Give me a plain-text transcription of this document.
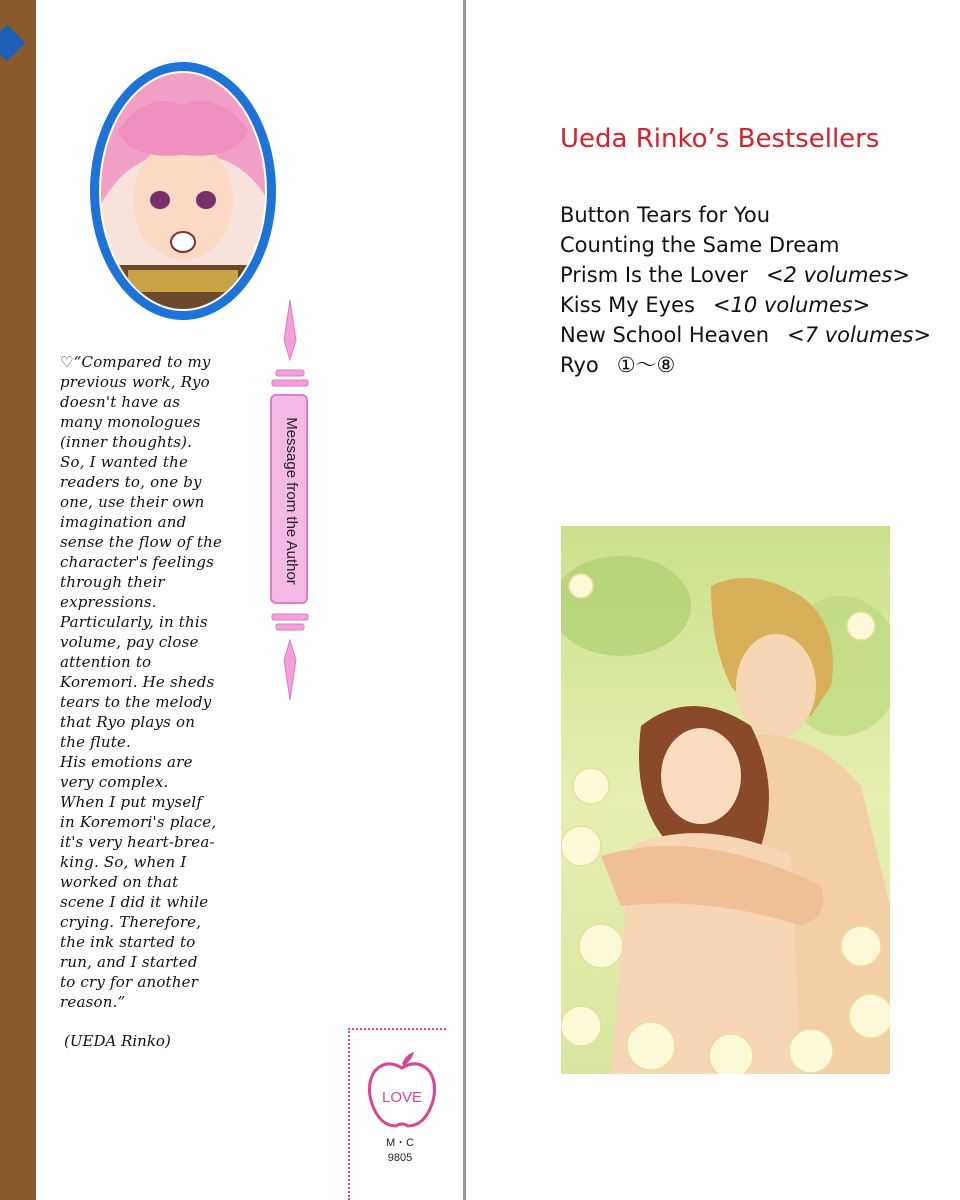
Message from the Author
♡“Compared to my
previous work, Ryo
doesn't have as
many monologues
(inner thoughts).
So, I wanted the
readers to, one by
one, use their own
imagination and
sense the flow of the
character's feelings
through their
expressions.
Particularly, in this
volume, pay close
attention to
Koremori. He sheds
tears to the melody
that Ryo plays on
the flute.
His emotions are
very complex.
When I put myself
in Koremori's place,
it's very heart-brea-
king. So, when I
worked on that
scene I did it while
crying. Therefore,
the ink started to
run, and I started
to cry for another
reason.”
(UEDA Rinko)
LOVE
M・C
9805
Ueda Rinko’s Bestsellers
Button Tears for You
Counting the Same Dream
Prism Is the Lover <2 volumes>
Kiss My Eyes <10 volumes>
New School Heaven <7 volumes>
Ryo ①～⑧
